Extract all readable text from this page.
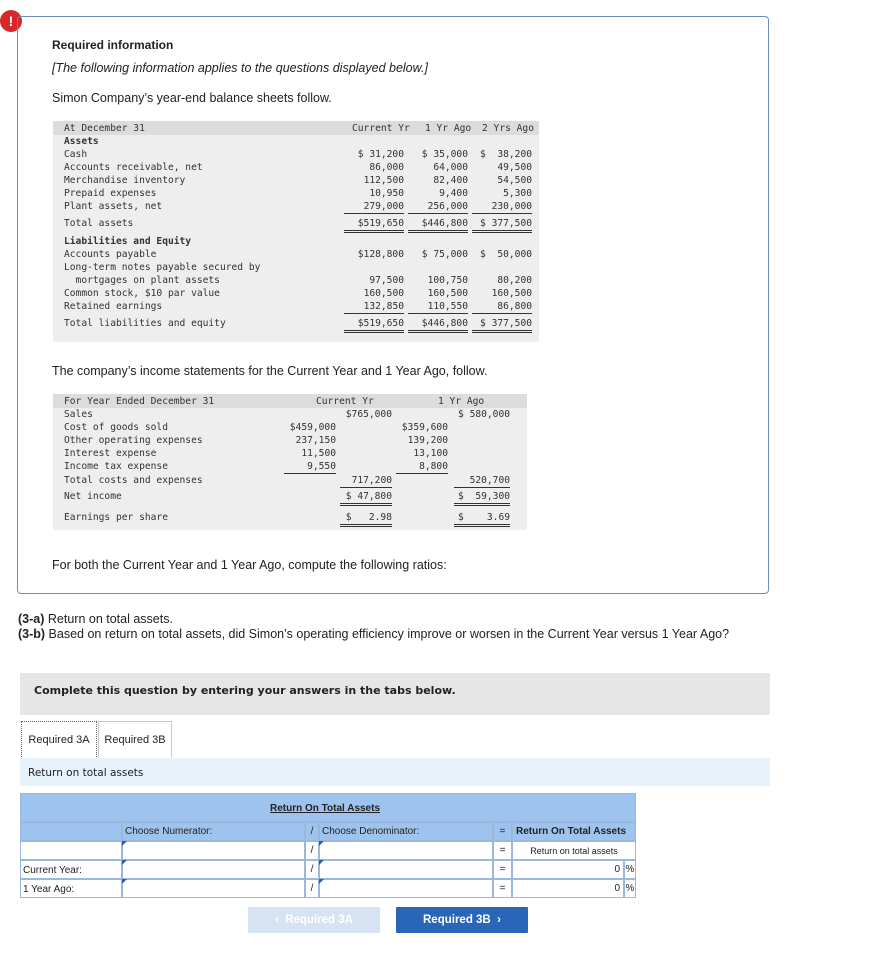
!
Required information
[The following information applies to the questions displayed below.]
Simon Company’s year-end balance sheets follow.
At December 31	Current Yr 1 Yr Ago 2 Yrs Ago
Assets
Cash	$ 31,200	$ 35,000	$  38,200
Accounts receivable, net	86,000	64,000	49,500
Merchandise inventory	112,500	82,400	54,500
Prepaid expenses	10,950	9,400	5,300
Plant assets, net	279,000	256,000	230,000
Total assets	$519,650	$446,800	$ 377,500
Liabilities and Equity
Accounts payable	$128,800	$ 75,000	$  50,000
Long-term notes payable secured by
mortgages on plant assets	97,500	100,750	80,200
Common stock, $10 par value	160,500	160,500	160,500
Retained earnings	132,850	110,550	86,800
Total liabilities and equity	$519,650	$446,800	$ 377,500
The company’s income statements for the Current Year and 1 Year Ago, follow.
For Year Ended December 31	Current Yr	1 Yr Ago
Sales	$765,000	$ 580,000
Cost of goods sold	$459,000	$359,600
Other operating expenses	237,150	139,200
Interest expense	11,500	13,100
Income tax expense	9,550	8,800
Total costs and expenses	717,200	520,700
Net income	$ 47,800	$  59,300
Earnings per share	$   2.98	$    3.69
For both the Current Year and 1 Year Ago, compute the following ratios:
(3-a) Return on total assets.
(3-b) Based on return on total assets, did Simon’s operating efficiency improve or worsen in the Current Year versus 1 Year Ago?
Complete this question by entering your answers in the tabs below.
Required 3A	Required 3B
Return on total assets
Return On Total Assets
Choose Numerator:	/ Choose Denominator:	=	Return On Total Assets
/	=	Return on total assets
Current Year:	/	=	0 %
1 Year Ago:	/	=	0 %
‹  Required 3A	Required 3B  ›
